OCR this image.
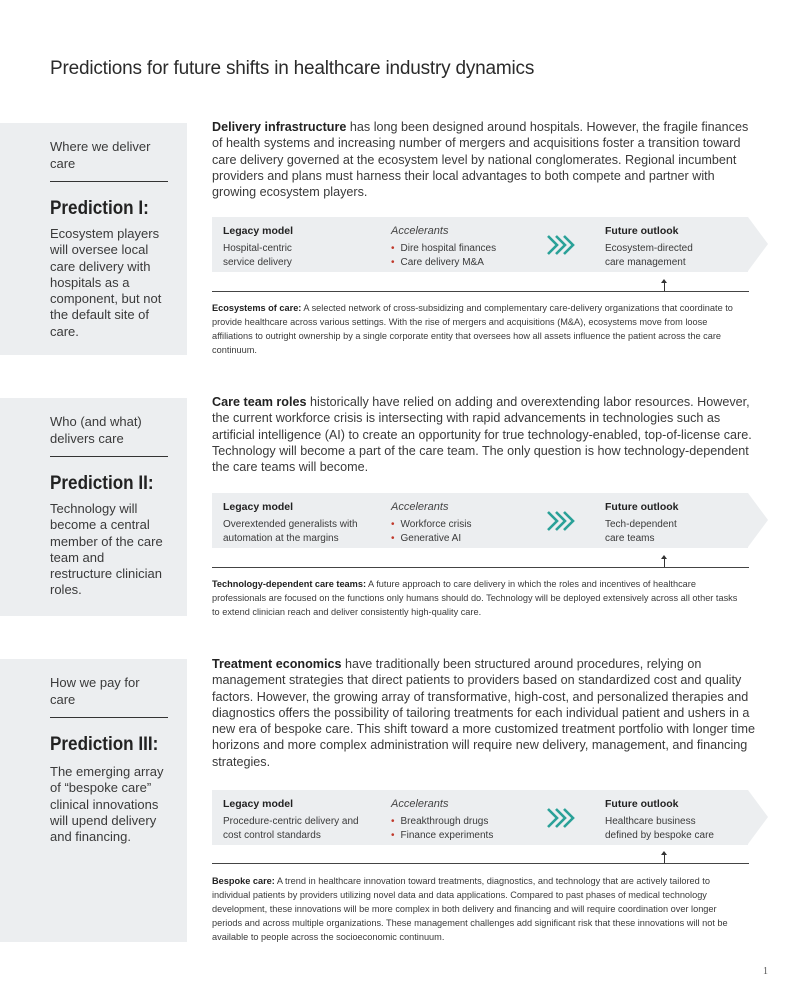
Predictions for future shifts in healthcare industry dynamics
Where we deliver care
Prediction I:
Ecosystem players will oversee local care delivery with hospitals as a component, but not the default site of care.
Delivery infrastructure has long been designed around hospitals. However, the fragile finances of health systems and increasing number of mergers and acquisitions foster a transition toward care delivery governed at the ecosystem level by national conglomerates. Regional incumbent providers and plans must harness their local advantages to both compete and partner with growing ecosystem players.
Legacy model
Hospital-centric service delivery
Accelerants
• Dire hospital finances
• Care delivery M&A
Future outlook
Ecosystem-directed care management
Ecosystems of care: A selected network of cross-subsidizing and complementary care-delivery organizations that coordinate to provide healthcare across various settings. With the rise of mergers and acquisitions (M&A), ecosystems move from loose affiliations to outright ownership by a single corporate entity that oversees how all assets influence the patient across the care continuum.
Who (and what) delivers care
Prediction II:
Technology will become a central member of the care team and restructure clinician roles.
Care team roles historically have relied on adding and overextending labor resources. However, the current workforce crisis is intersecting with rapid advancements in technologies such as artificial intelligence (AI) to create an opportunity for true technology-enabled, top-of-license care. Technology will become a part of the care team. The only question is how technology-dependent the care teams will become.
Legacy model
Overextended generalists with automation at the margins
Accelerants
• Workforce crisis
• Generative AI
Future outlook
Tech-dependent care teams
Technology-dependent care teams: A future approach to care delivery in which the roles and incentives of healthcare professionals are focused on the functions only humans should do. Technology will be deployed extensively across all other tasks to extend clinician reach and deliver consistently high-quality care.
How we pay for care
Prediction III:
The emerging array of “bespoke care” clinical innovations will upend delivery and financing.
Treatment economics have traditionally been structured around procedures, relying on management strategies that direct patients to providers based on standardized cost and quality factors. However, the growing array of transformative, high-cost, and personalized therapies and diagnostics offers the possibility of tailoring treatments for each individual patient and ushers in a new era of bespoke care. This shift toward a more customized treatment portfolio with longer time horizons and more complex administration will require new delivery, management, and financing strategies.
Legacy model
Procedure-centric delivery and cost control standards
Accelerants
• Breakthrough drugs
• Finance experiments
Future outlook
Healthcare business defined by bespoke care
Bespoke care: A trend in healthcare innovation toward treatments, diagnostics, and technology that are actively tailored to individual patients by providers utilizing novel data and data applications. Compared to past phases of medical technology development, these innovations will be more complex in both delivery and financing and will require coordination over longer periods and across multiple organizations. These management challenges add significant risk that these innovations will not be available to people across the socioeconomic continuum.
1
